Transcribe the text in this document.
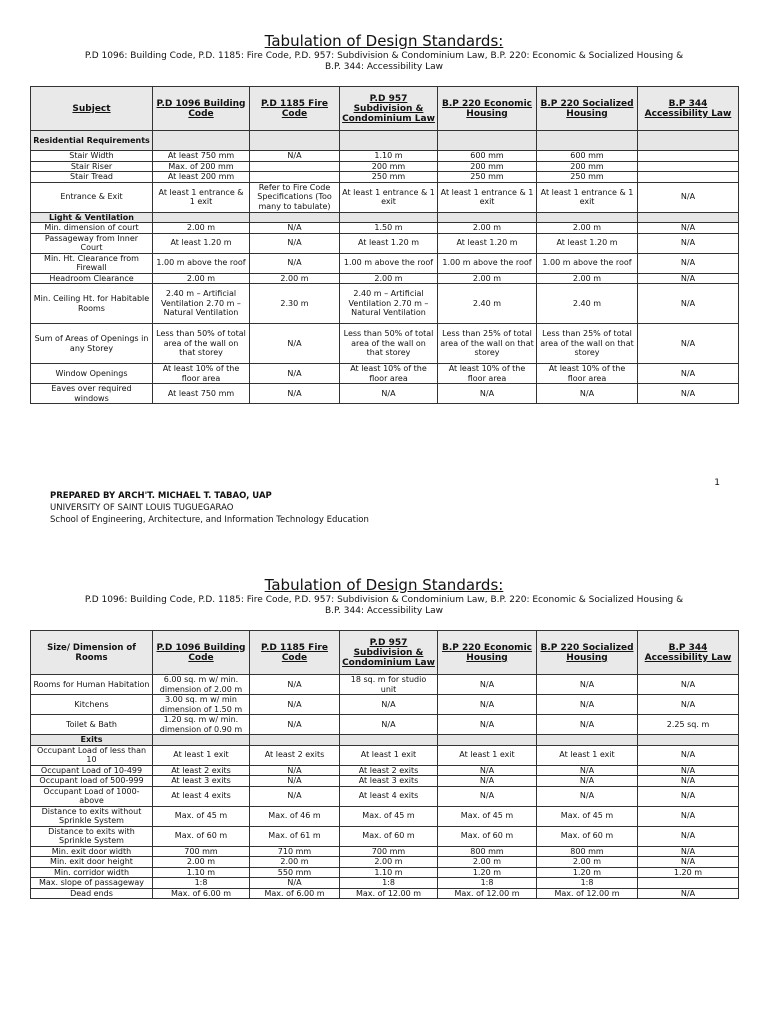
Tabulation of Design Standards:
P.D 1096: Building Code, P.D. 1185: Fire Code, P.D. 957: Subdivision & Condominium Law, B.P. 220: Economic & Socialized Housing &
B.P. 344: Accessibility Law
Subject	P.D 1096 Building Code	P.D 1185 Fire Code	P.D 957 Subdivision & Condominium Law	B.P 220 Economic Housing	B.P 220 Socialized Housing	B.P 344 Accessibility Law
Residential Requirements						
Stair Width	At least 750 mm	N/A	1.10 m	600 mm	600 mm	
Stair Riser	Max. of 200 mm		200 mm	200 mm	200 mm	
Stair Tread	At least 200 mm		250 mm	250 mm	250 mm	
Entrance & Exit	At least 1 entrance & 1 exit	Refer to Fire Code Specifications (Too many to tabulate)	At least 1 entrance & 1 exit	At least 1 entrance & 1 exit	At least 1 entrance & 1 exit	N/A
Light & Ventilation						
Min. dimension of court	2.00 m	N/A	1.50 m	2.00 m	2.00 m	N/A
Passageway from Inner Court	At least 1.20 m	N/A	At least 1.20 m	At least 1.20 m	At least 1.20 m	N/A
Min. Ht. Clearance from Firewall	1.00 m above the roof	N/A	1.00 m above the roof	1.00 m above the roof	1.00 m above the roof	N/A
Headroom Clearance	2.00 m	2.00 m	2.00 m	2.00 m	2.00 m	N/A
Min. Ceiling Ht. for Habitable Rooms	2.40 m – Artificial Ventilation 2.70 m – Natural Ventilation	2.30 m	2.40 m – Artificial Ventilation 2.70 m – Natural Ventilation	2.40 m	2.40 m	N/A
Sum of Areas of Openings in any Storey	Less than 50% of total area of the wall on that storey	N/A	Less than 50% of total area of the wall on that storey	Less than 25% of total area of the wall on that storey	Less than 25% of total area of the wall on that storey	N/A
Window Openings	At least 10% of the floor area	N/A	At least 10% of the floor area	At least 10% of the floor area	At least 10% of the floor area	N/A
Eaves over required windows	At least 750 mm	N/A	N/A	N/A	N/A	N/A
1
PREPARED BY ARCH'T. MICHAEL T. TABAO, UAP
UNIVERSITY OF SAINT LOUIS TUGUEGARAO
School of Engineering, Architecture, and Information Technology Education
Tabulation of Design Standards:
P.D 1096: Building Code, P.D. 1185: Fire Code, P.D. 957: Subdivision & Condominium Law, B.P. 220: Economic & Socialized Housing &
B.P. 344: Accessibility Law
Size/ Dimension of Rooms	P.D 1096 Building Code	P.D 1185 Fire Code	P.D 957 Subdivision & Condominium Law	B.P 220 Economic Housing	B.P 220 Socialized Housing	B.P 344 Accessibility Law
Rooms for Human Habitation	6.00 sq. m w/ min. dimension of 2.00 m	N/A	18 sq. m for studio unit	N/A	N/A	N/A
Kitchens	3.00 sq. m w/ min dimension of 1.50 m	N/A	N/A	N/A	N/A	N/A
Toilet & Bath	1.20 sq. m w/ min. dimension of 0.90 m	N/A	N/A	N/A	N/A	2.25 sq. m
Exits						
Occupant Load of less than 10	At least 1 exit	At least 2 exits	At least 1 exit	At least 1 exit	At least 1 exit	N/A
Occupant Load of 10-499	At least 2 exits	N/A	At least 2 exits	N/A	N/A	N/A
Occupant load of 500-999	At least 3 exits	N/A	At least 3 exits	N/A	N/A	N/A
Occupant Load of 1000-above	At least 4 exits	N/A	At least 4 exits	N/A	N/A	N/A
Distance to exits without Sprinkle System	Max. of 45 m	Max. of 46 m	Max. of 45 m	Max. of 45 m	Max. of 45 m	N/A
Distance to exits with Sprinkle System	Max. of 60 m	Max. of 61 m	Max. of 60 m	Max. of 60 m	Max. of 60 m	N/A
Min. exit door width	700 mm	710 mm	700 mm	800 mm	800 mm	N/A
Min. exit door height	2.00 m	2.00 m	2.00 m	2.00 m	2.00 m	N/A
Min. corridor width	1.10 m	550 mm	1.10 m	1.20 m	1.20 m	1.20 m
Max. slope of passageway	1:8	N/A	1:8	1:8	1:8	
Dead ends	Max. of 6.00 m	Max. of 6.00 m	Max. of 12.00 m	Max. of 12.00 m	Max. of 12.00 m	N/A
